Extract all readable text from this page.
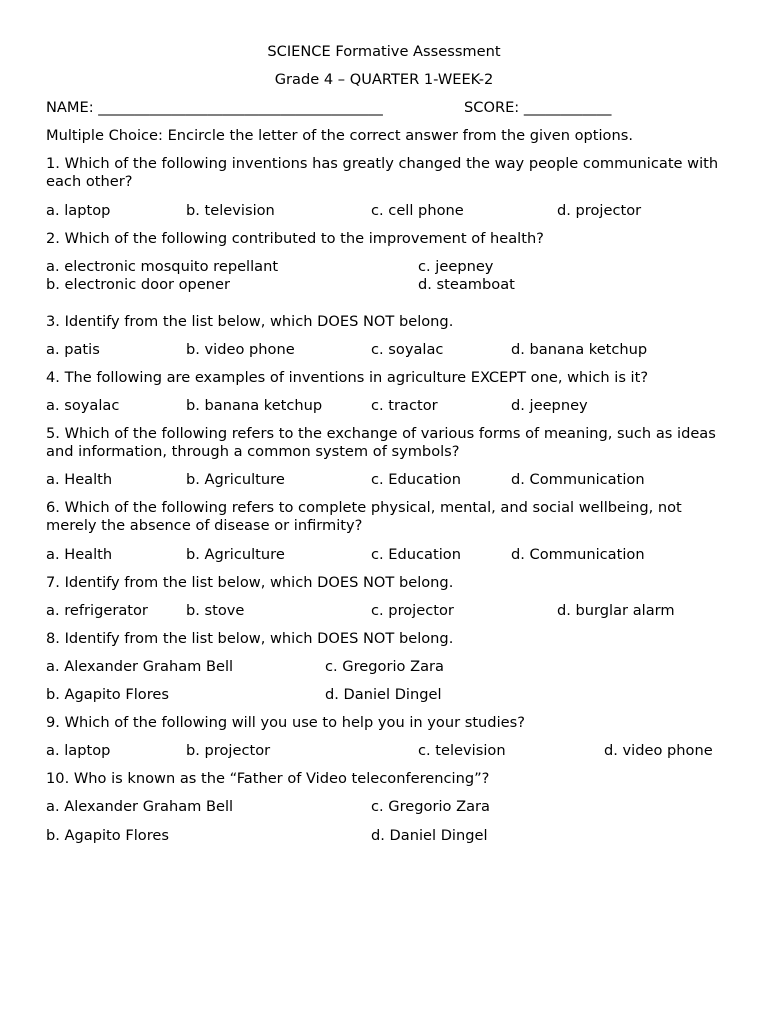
SCIENCE Formative Assessment
Grade 4 – QUARTER 1-WEEK-2
NAME: _______________________________________	SCORE: ____________
Multiple Choice: Encircle the letter of the correct answer from the given options.
1. Which of the following inventions has greatly changed the way people communicate with each other?
a. laptop	b. television	c. cell phone	d. projector
2. Which of the following contributed to the improvement of health?
a. electronic mosquito repellant
b. electronic door opener
c. jeepney
d. steamboat
3. Identify from the list below, which DOES NOT belong.
a. patis	b. video phone	c. soyalac	d. banana ketchup
4. The following are examples of inventions in agriculture EXCEPT one, which is it?
a. soyalac	b. banana ketchup	c. tractor	d. jeepney
5. Which of the following refers to the exchange of various forms of meaning, such as ideas and information, through a common system of symbols?
a. Health	b. Agriculture	c. Education	d. Communication
6. Which of the following refers to complete physical, mental, and social wellbeing, not merely the absence of disease or infirmity?
a. Health	b. Agriculture	c. Education	d. Communication
7. Identify from the list below, which DOES NOT belong.
a. refrigerator	b. stove	c. projector	d. burglar alarm
8. Identify from the list below, which DOES NOT belong.
a. Alexander Graham Bell	c. Gregorio Zara
b. Agapito Flores	d. Daniel Dingel
9. Which of the following will you use to help you in your studies?
a. laptop	b. projector	c. television	d. video phone
10. Who is known as the “Father of Video teleconferencing”?
a. Alexander Graham Bell	c. Gregorio Zara
b. Agapito Flores	d. Daniel Dingel
